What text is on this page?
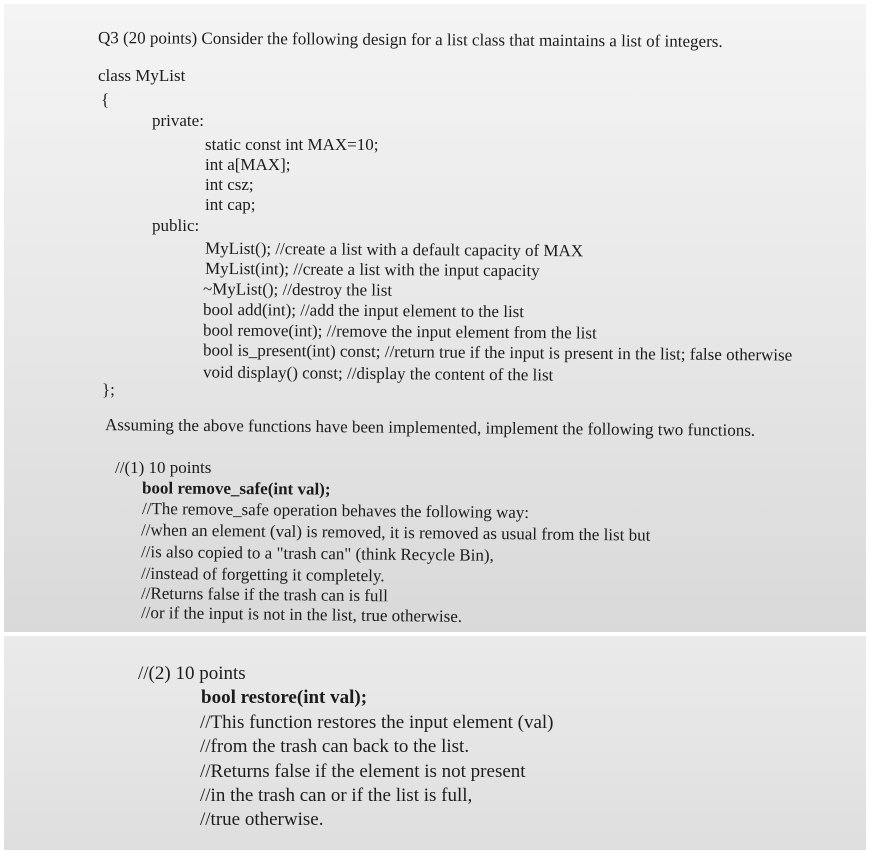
Q3 (20 points) Consider the following design for a list class that maintains a list of integers.
class MyList
{
private:
static const int MAX=10;
int a[MAX];
int csz;
int cap;
public:
MyList(); //create a list with a default capacity of MAX
MyList(int); //create a list with the input capacity
~MyList(); //destroy the list
bool add(int); //add the input element to the list
bool remove(int); //remove the input element from the list
bool is_present(int) const; //return true if the input is present in the list; false otherwise
void display() const; //display the content of the list
};
Assuming the above functions have been implemented, implement the following two functions.
//(1) 10 points
bool remove_safe(int val);
//The remove_safe operation behaves the following way:
//when an element (val) is removed, it is removed as usual from the list but
//is also copied to a "trash can" (think Recycle Bin),
//instead of forgetting it completely.
//Returns false if the trash can is full
//or if the input is not in the list, true otherwise.
//(2) 10 points
bool restore(int val);
//This function restores the input element (val)
//from the trash can back to the list.
//Returns false if the element is not present
//in the trash can or if the list is full,
//true otherwise.
